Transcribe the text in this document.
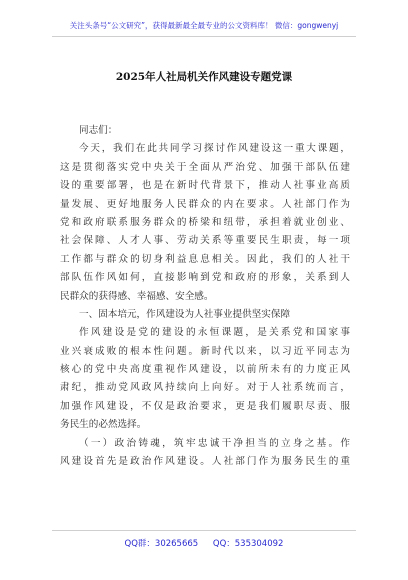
关注头条号“公文研究”，获得最新最全最专业的公文资料库！ 微信：gongwenyj
2025年人社局机关作风建设专题党课
同志们：
今天，我们在此共同学习探讨作风建设这一重大课题，
这是贯彻落实党中央关于全面从严治党、加强干部队伍建
设的重要部署，也是在新时代背景下，推动人社事业高质
量发展、更好地服务人民群众的内在要求。人社部门作为
党和政府联系服务群众的桥梁和纽带，承担着就业创业、
社会保障、人才人事、劳动关系等重要民生职责，每一项
工作都与群众的切身利益息息相关。因此，我们的人社干
部队伍作风如何，直接影响到党和政府的形象，关系到人
民群众的获得感、幸福感、安全感。
一、固本培元，作风建设为人社事业提供坚实保障
作风建设是党的建设的永恒课题，是关系党和国家事
业兴衰成败的根本性问题。新时代以来，以习近平同志为
核心的党中央高度重视作风建设，以前所未有的力度正风
肃纪，推动党风政风持续向上向好。对于人社系统而言，
加强作风建设，不仅是政治要求，更是我们履职尽责、服
务民生的必然选择。
（一）政治铸魂，筑牢忠诚干净担当的立身之基。作
风建设首先是政治作风建设。人社部门作为服务民生的重
QQ群：30265665 QQ：535304092
